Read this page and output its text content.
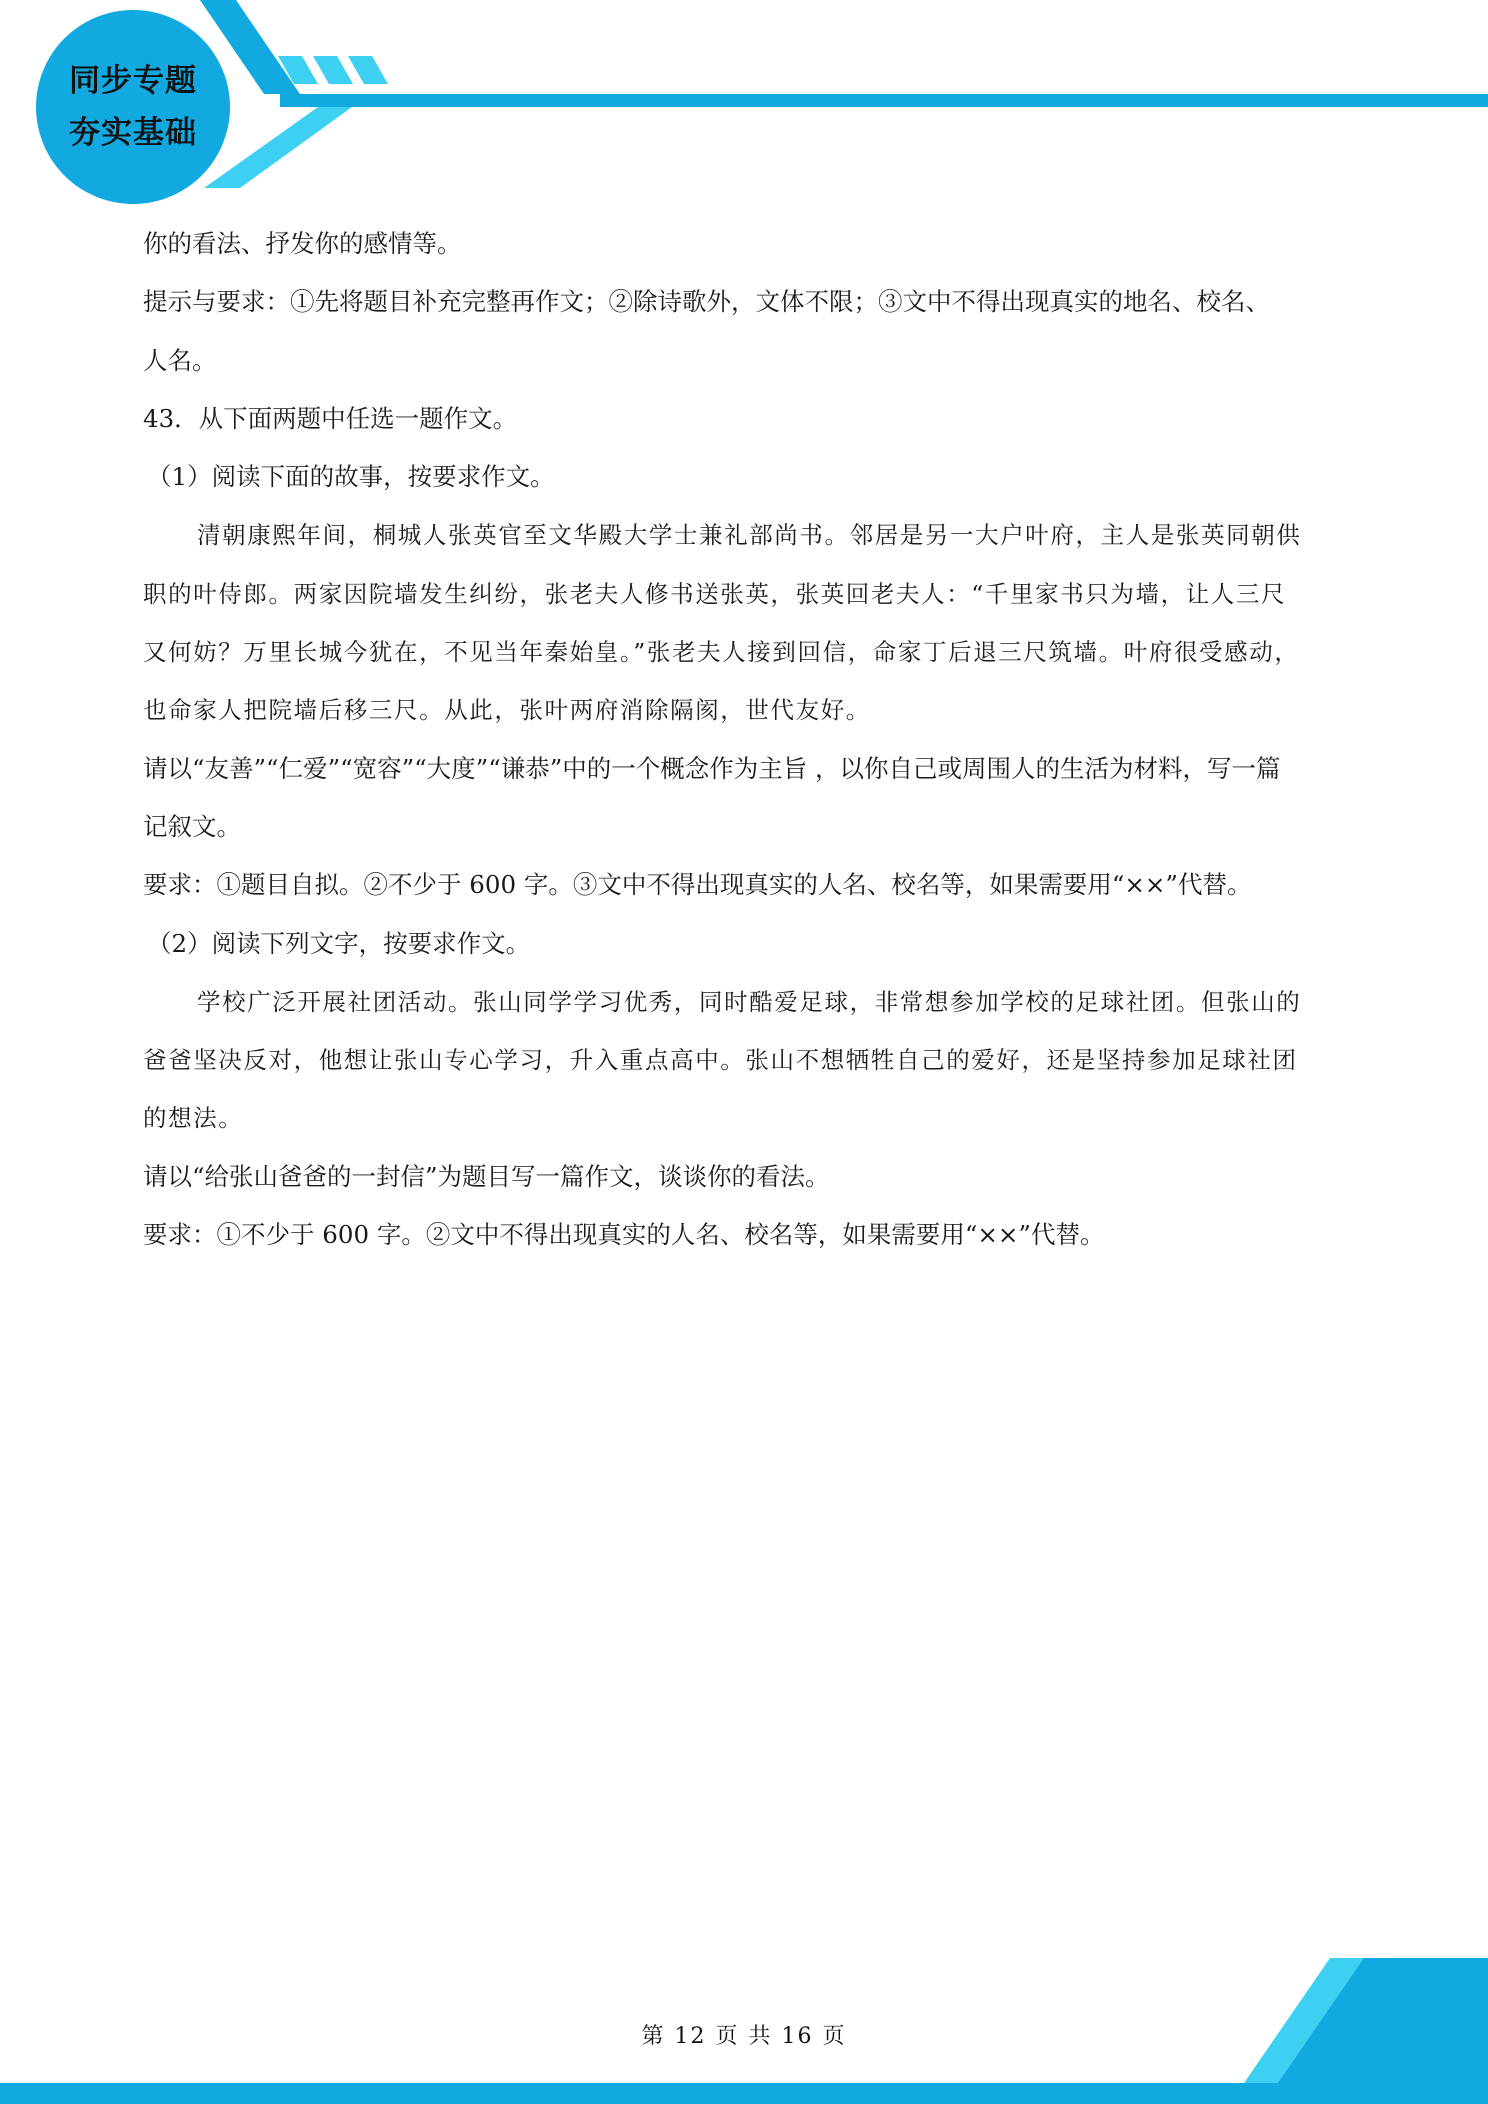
同步专题
夯实基础
你的看法、抒发你的感情等。
提示与要求：①先将题目补充完整再作文；②除诗歌外，文体不限；③文中不得出现真实的地名、校名、
人名。
43．从下面两题中任选一题作文。
（1）阅读下面的故事，按要求作文。
清朝康熙年间，桐城人张英官至文华殿大学士兼礼部尚书。邻居是另一大户叶府，主人是张英同朝供
职的叶侍郎。两家因院墙发生纠纷，张老夫人修书送张英，张英回老夫人：“千里家书只为墙，让人三尺
又何妨？万里长城今犹在，不见当年秦始皇。”张老夫人接到回信，命家丁后退三尺筑墙。叶府很受感动，
也命家人把院墙后移三尺。从此，张叶两府消除隔阂，世代友好。
请以“友善”“仁爱”“宽容”“大度”“谦恭”中的一个概念作为主旨 ，以你自己或周围人的生活为材料，写一篇
记叙文。
要求：①题目自拟。②不少于 600 字。③文中不得出现真实的人名、校名等，如果需要用“××”代替。
（2）阅读下列文字，按要求作文。
学校广泛开展社团活动。张山同学学习优秀，同时酷爱足球，非常想参加学校的足球社团。但张山的
爸爸坚决反对，他想让张山专心学习，升入重点高中。张山不想牺牲自己的爱好，还是坚持参加足球社团
的想法。
请以“给张山爸爸的一封信”为题目写一篇作文，谈谈你的看法。
要求：①不少于 600 字。②文中不得出现真实的人名、校名等，如果需要用“××”代替。
第 12 页 共 16 页
